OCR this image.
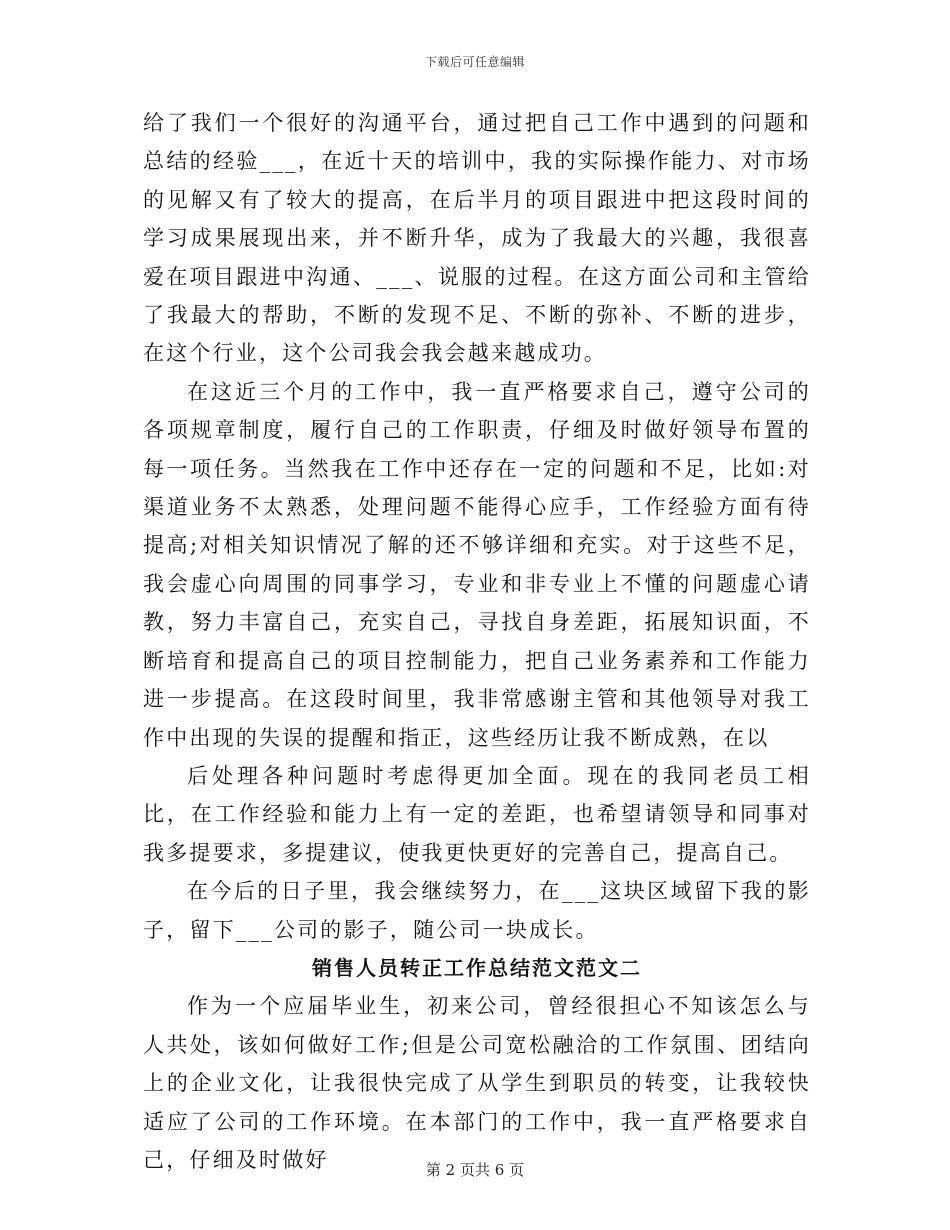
下载后可任意编辑

给了我们一个很好的沟通平台，通过把自己工作中遇到的问题和总结的经验___，在近十天的培训中，我的实际操作能力、对市场的见解又有了较大的提高，在后半月的项目跟进中把这段时间的学习成果展现出来，并不断升华，成为了我最大的兴趣，我很喜爱在项目跟进中沟通、___、说服的过程。在这方面公司和主管给了我最大的帮助，不断的发现不足、不断的弥补、不断的进步，在这个行业，这个公司我会我会越来越成功。

在这近三个月的工作中，我一直严格要求自己，遵守公司的各项规章制度，履行自己的工作职责，仔细及时做好领导布置的每一项任务。当然我在工作中还存在一定的问题和不足，比如:对渠道业务不太熟悉，处理问题不能得心应手，工作经验方面有待提高;对相关知识情况了解的还不够详细和充实。对于这些不足，我会虚心向周围的同事学习，专业和非专业上不懂的问题虚心请教，努力丰富自己，充实自己，寻找自身差距，拓展知识面，不断培育和提高自己的项目控制能力，把自己业务素养和工作能力进一步提高。在这段时间里，我非常感谢主管和其他领导对我工作中出现的失误的提醒和指正，这些经历让我不断成熟，在以

后处理各种问题时考虑得更加全面。现在的我同老员工相比，在工作经验和能力上有一定的差距，也希望请领导和同事对我多提要求，多提建议，使我更快更好的完善自己，提高自己。

在今后的日子里，我会继续努力，在___这块区域留下我的影子，留下___公司的影子，随公司一块成长。

销售人员转正工作总结范文范文二

作为一个应届毕业生，初来公司，曾经很担心不知该怎么与人共处，该如何做好工作;但是公司宽松融洽的工作氛围、团结向上的企业文化，让我很快完成了从学生到职员的转变，让我较快适应了公司的工作环境。在本部门的工作中，我一直严格要求自己，仔细及时做好	第 2 页共 6 页
